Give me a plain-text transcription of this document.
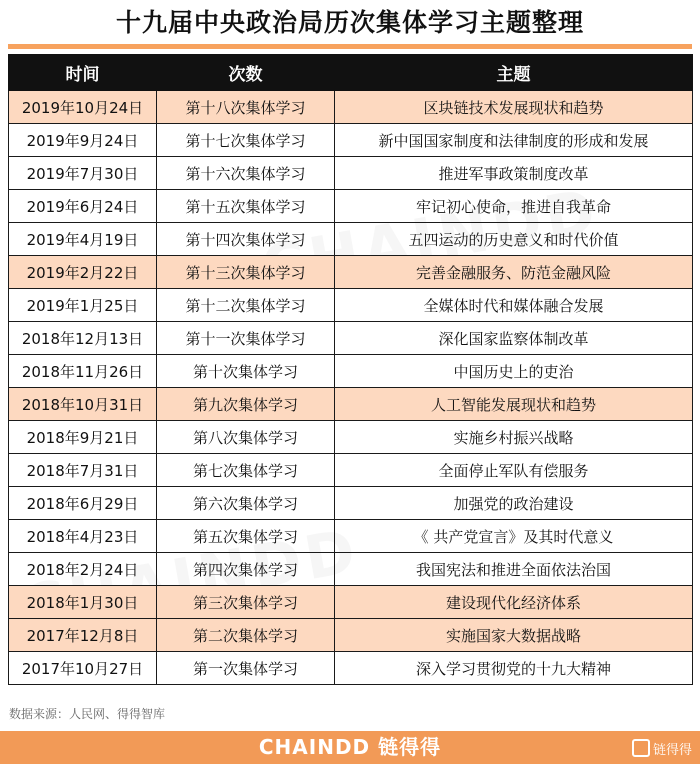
十九届中央政治局历次集体学习主题整理
时间	次数	主题
2019年10月24日	第十八次集体学习	区块链技术发展现状和趋势
2019年9月24日	第十七次集体学习	新中国国家制度和法律制度的形成和发展
2019年7月30日	第十六次集体学习	推进军事政策制度改革
2019年6月24日	第十五次集体学习	牢记初心使命，推进自我革命
2019年4月19日	第十四次集体学习	五四运动的历史意义和时代价值
2019年2月22日	第十三次集体学习	完善金融服务、防范金融风险
2019年1月25日	第十二次集体学习	全媒体时代和媒体融合发展
2018年12月13日	第十一次集体学习	深化国家监察体制改革
2018年11月26日	第十次集体学习	中国历史上的吏治
2018年10月31日	第九次集体学习	人工智能发展现状和趋势
2018年9月21日	第八次集体学习	实施乡村振兴战略
2018年7月31日	第七次集体学习	全面停止军队有偿服务
2018年6月29日	第六次集体学习	加强党的政治建设
2018年4月23日	第五次集体学习	《 共产党宣言》及其时代意义
2018年2月24日	第四次集体学习	我国宪法和推进全面依法治国
2018年1月30日	第三次集体学习	建设现代化经济体系
2017年12月8日	第二次集体学习	实施国家大数据战略
2017年10月27日	第一次集体学习	深入学习贯彻党的十九大精神
数据来源：人民网、得得智库
CHAINDD 链得得	链得得
